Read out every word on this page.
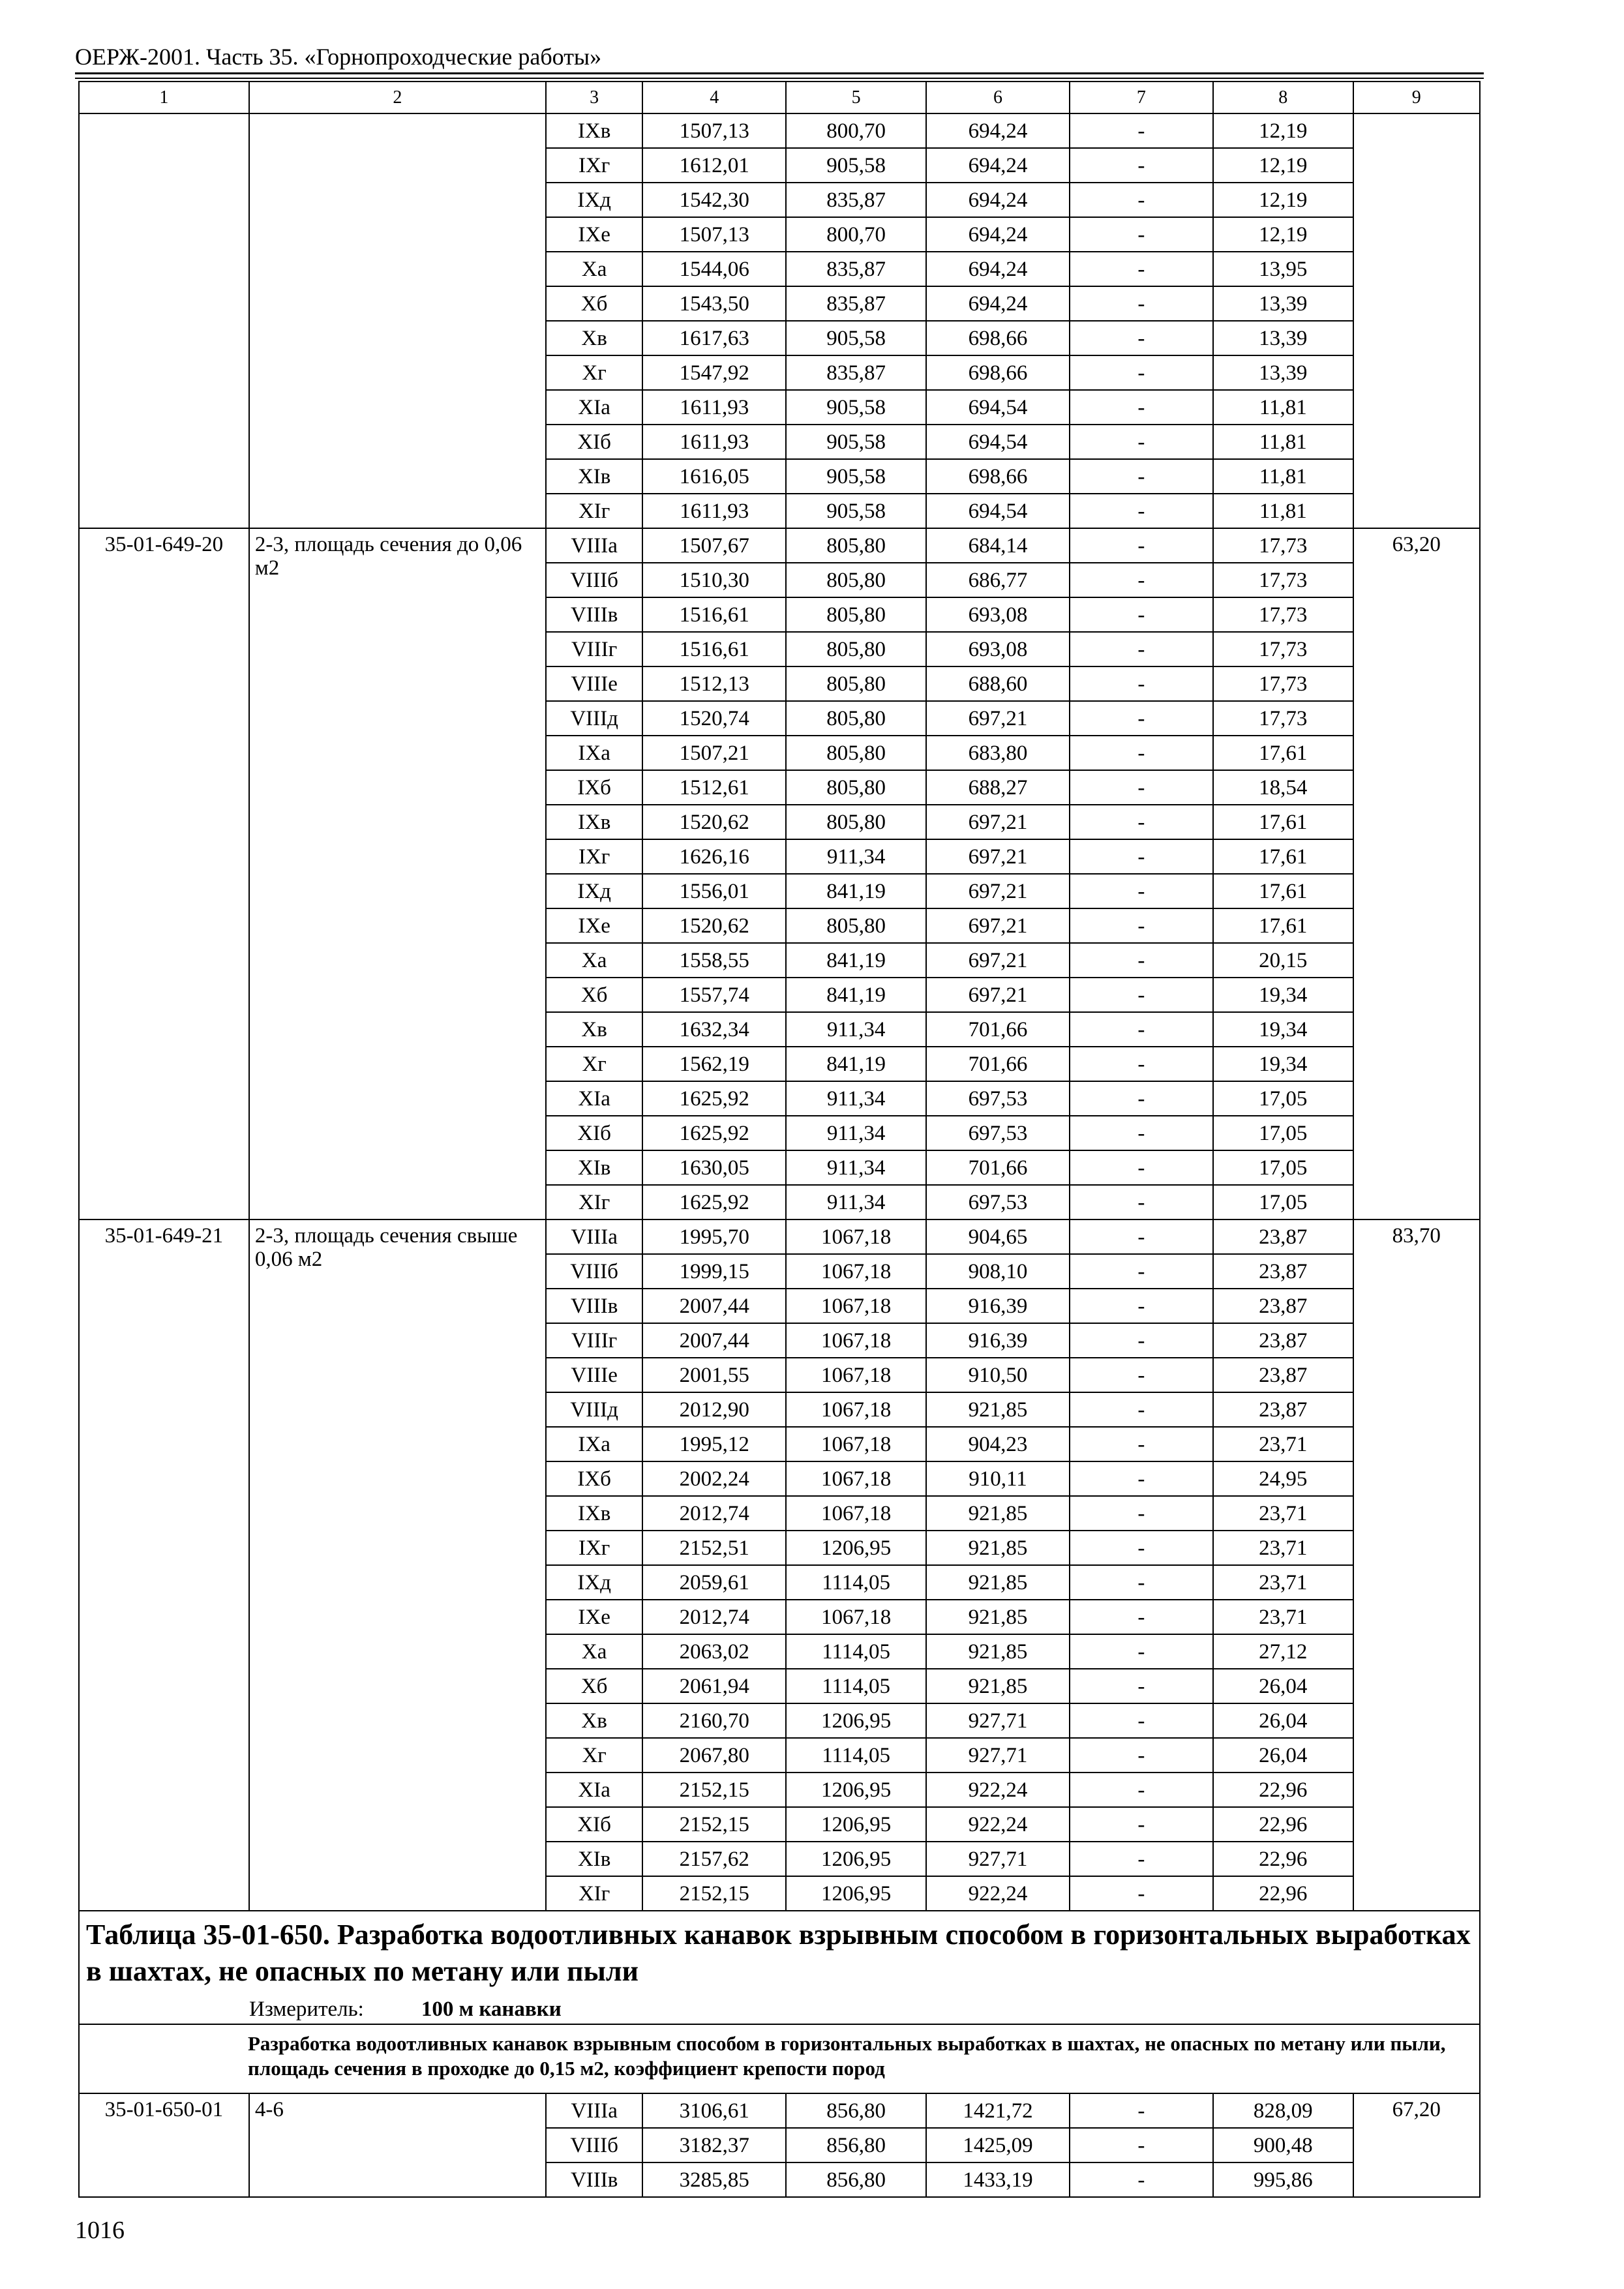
ОЕРЖ-2001. Часть 35. «Горнопроходческие работы»
1	2	3	4	5	6	7	8	9
		IXв	1507,13	800,70	694,24	-	12,19	
		IXг	1612,01	905,58	694,24	-	12,19	
		IXд	1542,30	835,87	694,24	-	12,19	
		IXе	1507,13	800,70	694,24	-	12,19	
		Xа	1544,06	835,87	694,24	-	13,95	
		Xб	1543,50	835,87	694,24	-	13,39	
		Xв	1617,63	905,58	698,66	-	13,39	
		Xг	1547,92	835,87	698,66	-	13,39	
		XIа	1611,93	905,58	694,54	-	11,81	
		XIб	1611,93	905,58	694,54	-	11,81	
		XIв	1616,05	905,58	698,66	-	11,81	
		XIг	1611,93	905,58	694,54	-	11,81	
35-01-649-20	2-3, площадь сечения до 0,06 м2	VIIIа	1507,67	805,80	684,14	-	17,73	63,20
		VIIIб	1510,30	805,80	686,77	-	17,73	
		VIIIв	1516,61	805,80	693,08	-	17,73	
		VIIIг	1516,61	805,80	693,08	-	17,73	
		VIIIе	1512,13	805,80	688,60	-	17,73	
		VIIIд	1520,74	805,80	697,21	-	17,73	
		IXа	1507,21	805,80	683,80	-	17,61	
		IXб	1512,61	805,80	688,27	-	18,54	
		IXв	1520,62	805,80	697,21	-	17,61	
		IXг	1626,16	911,34	697,21	-	17,61	
		IXд	1556,01	841,19	697,21	-	17,61	
		IXе	1520,62	805,80	697,21	-	17,61	
		Xа	1558,55	841,19	697,21	-	20,15	
		Xб	1557,74	841,19	697,21	-	19,34	
		Xв	1632,34	911,34	701,66	-	19,34	
		Xг	1562,19	841,19	701,66	-	19,34	
		XIа	1625,92	911,34	697,53	-	17,05	
		XIб	1625,92	911,34	697,53	-	17,05	
		XIв	1630,05	911,34	701,66	-	17,05	
		XIг	1625,92	911,34	697,53	-	17,05	
35-01-649-21	2-3, площадь сечения свыше 0,06 м2	VIIIа	1995,70	1067,18	904,65	-	23,87	83,70
		VIIIб	1999,15	1067,18	908,10	-	23,87	
		VIIIв	2007,44	1067,18	916,39	-	23,87	
		VIIIг	2007,44	1067,18	916,39	-	23,87	
		VIIIе	2001,55	1067,18	910,50	-	23,87	
		VIIIд	2012,90	1067,18	921,85	-	23,87	
		IXа	1995,12	1067,18	904,23	-	23,71	
		IXб	2002,24	1067,18	910,11	-	24,95	
		IXв	2012,74	1067,18	921,85	-	23,71	
		IXг	2152,51	1206,95	921,85	-	23,71	
		IXд	2059,61	1114,05	921,85	-	23,71	
		IXе	2012,74	1067,18	921,85	-	23,71	
		Xа	2063,02	1114,05	921,85	-	27,12	
		Xб	2061,94	1114,05	921,85	-	26,04	
		Xв	2160,70	1206,95	927,71	-	26,04	
		Xг	2067,80	1114,05	927,71	-	26,04	
		XIа	2152,15	1206,95	922,24	-	22,96	
		XIб	2152,15	1206,95	922,24	-	22,96	
		XIв	2157,62	1206,95	927,71	-	22,96	
		XIг	2152,15	1206,95	922,24	-	22,96	

Таблица 35-01-650. Разработка водоотливных канавок взрывным способом в горизонтальных выработках в шахтах, не опасных по метану или пыли
Измеритель: 100 м канавки								

Разработка водоотливных канавок взрывным способом в горизонтальных выработках в шахтах, не опасных по метану или пыли, площадь сечения в проходке до 0,15 м2, коэффициент крепости пород								
35-01-650-01	4-6	VIIIа	3106,61	856,80	1421,72	-	828,09	67,20
		VIIIб	3182,37	856,80	1425,09	-	900,48	
		VIIIв	3285,85	856,80	1433,19	-	995,86	
1016
